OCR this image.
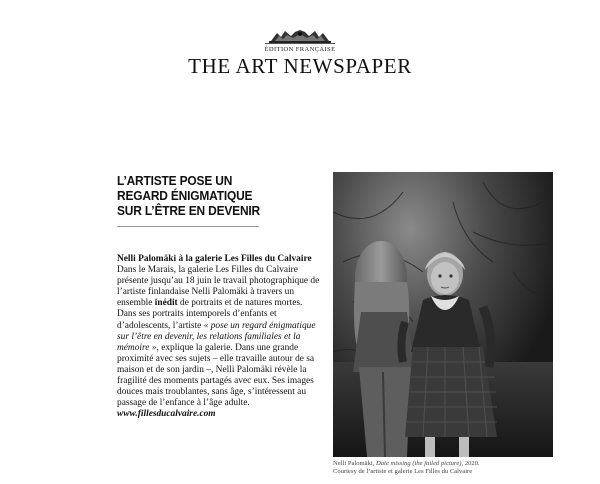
ÉDITION FRANÇAISE
THE ART NEWSPAPER
L’ARTISTE POSE UN
REGARD ÉNIGMATIQUE
SUR L’ÊTRE EN DEVENIR

Nelli Palomäki à la galerie Les Filles du Calvaire

Dans le Marais, la galerie Les Filles du Calvaire présente jusqu’au 18 juin le travail photographique de l’artiste finlandaise Nelli Palomäki à travers un ensemble inédit de portraits et de natures mortes. Dans ses portraits intemporels d’enfants et d’adolescents, l’artiste « pose un regard énigmatique sur l’être en devenir, les relations familiales et la mémoire », explique la galerie. Dans une grande proximité avec ses sujets – elle travaille autour de sa maison et de son jardin –, Nelli Palomäki révèle la fragilité des moments partagés avec eux. Ses images douces mais troublantes, sans âge, s’intéressent au passage de l’enfance à l’âge adulte.

www.fillesducalvaire.com

Nelli Palomäki, Date missing (the failed picture), 2020.
Courtesy de l’artiste et galerie Les Filles du Calvaire
